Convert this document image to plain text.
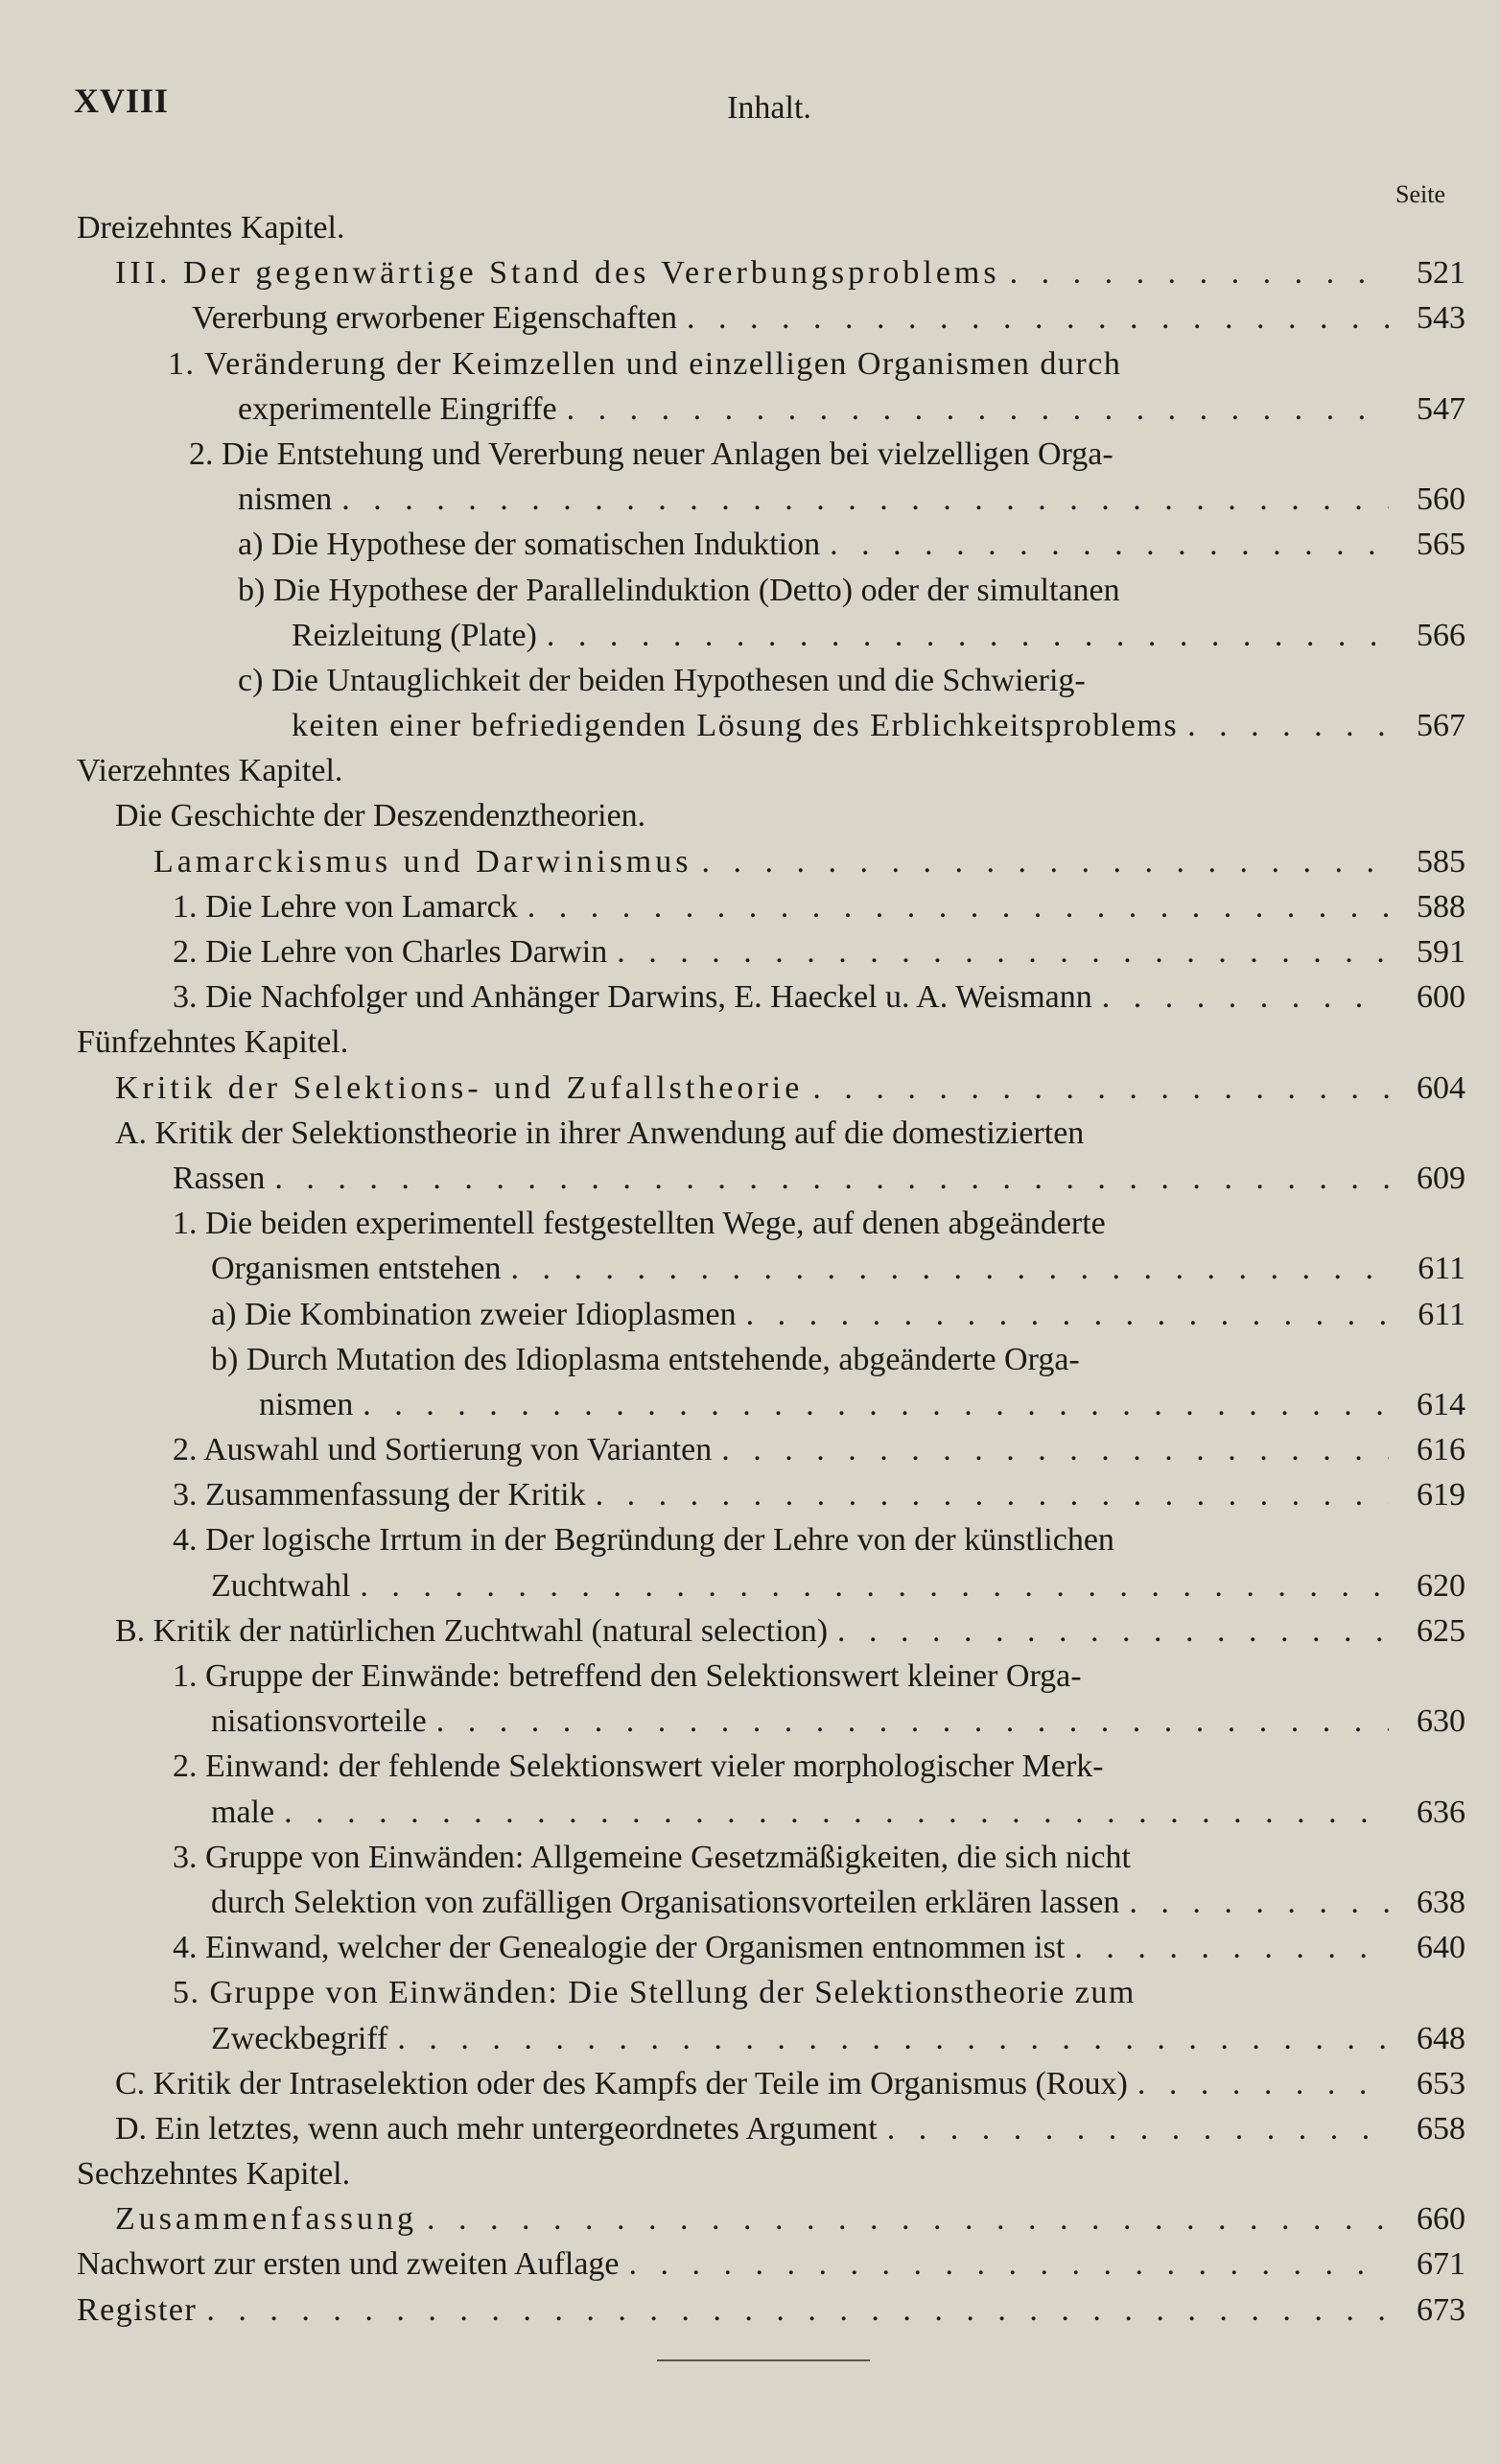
XVIII	Inhalt.
Seite
Dreizehntes Kapitel.
III. Der gegenwärtige Stand des Vererbungsproblems . . .	521
Vererbung erworbener Eigenschaften . . .	543
1. Veränderung der Keimzellen und einzelligen Organismen durch
experimentelle Eingriffe . . .	547
2. Die Entstehung und Vererbung neuer Anlagen bei vielzelligen Orga-
nismen . . .	560
a) Die Hypothese der somatischen Induktion . . .	565
b) Die Hypothese der Parallelinduktion (Detto) oder der simultanen
Reizleitung (Plate) . . .	566
c) Die Untauglichkeit der beiden Hypothesen und die Schwierig-
keiten einer befriedigenden Lösung des Erblichkeitsproblems . . .	567
Vierzehntes Kapitel.
Die Geschichte der Deszendenztheorien.
Lamarckismus und Darwinismus . . .	585
1. Die Lehre von Lamarck . . .	588
2. Die Lehre von Charles Darwin . . .	591
3. Die Nachfolger und Anhänger Darwins, E. Haeckel u. A. Weismann . . .	600
Fünfzehntes Kapitel.
Kritik der Selektions- und Zufallstheorie . . .	604
A. Kritik der Selektionstheorie in ihrer Anwendung auf die domestizierten
Rassen . . .	609
1. Die beiden experimentell festgestellten Wege, auf denen abgeänderte
Organismen entstehen . . .	611
a) Die Kombination zweier Idioplasmen . . .	611
b) Durch Mutation des Idioplasma entstehende, abgeänderte Orga-
nismen . . .	614
2. Auswahl und Sortierung von Varianten . . .	616
3. Zusammenfassung der Kritik . . .	619
4. Der logische Irrtum in der Begründung der Lehre von der künstlichen
Zuchtwahl . . .	620
B. Kritik der natürlichen Zuchtwahl (natural selection) . . .	625
1. Gruppe der Einwände: betreffend den Selektionswert kleiner Orga-
nisationsvorteile . . .	630
2. Einwand: der fehlende Selektionswert vieler morphologischer Merk-
male . . .	636
3. Gruppe von Einwänden: Allgemeine Gesetzmäßigkeiten, die sich nicht
durch Selektion von zufälligen Organisationsvorteilen erklären lassen . . .	638
4. Einwand, welcher der Genealogie der Organismen entnommen ist . . .	640
5. Gruppe von Einwänden: Die Stellung der Selektionstheorie zum
Zweckbegriff . . .	648
C. Kritik der Intraselektion oder des Kampfs der Teile im Organismus (Roux) . . .	653
D. Ein letztes, wenn auch mehr untergeordnetes Argument . . .	658
Sechzehntes Kapitel.
Zusammenfassung . . .	660
Nachwort zur ersten und zweiten Auflage . . .	671
Register . . .	673
